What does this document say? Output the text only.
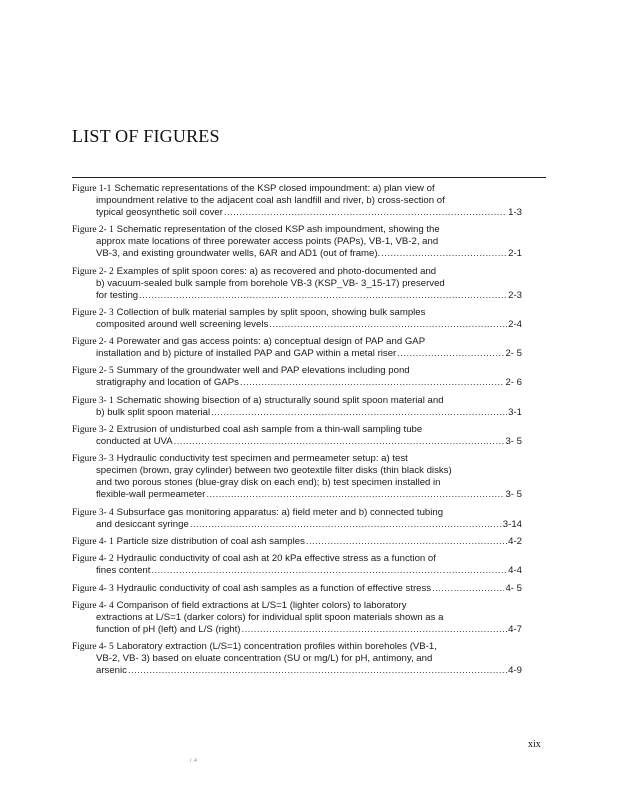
LIST OF FIGURES
Figure 1-1 Schematic representations of the KSP closed impoundment: a) plan view of
impoundment relative to the adjacent coal ash landfill and river, b) cross-section of
typical geosynthetic soil cover .....	1-3
Figure 2- 1 Schematic representation of the closed KSP ash impoundment, showing the
approx mate locations of three porewater access points (PAPs), VB-1, VB-2, and
VB-3, and existing groundwater wells, 6AR and AD1 (out of frame). .....	2-1
Figure 2- 2 Examples of split spoon cores: a) as recovered and photo-documented and
b) vacuum-sealed bulk sample from borehole VB-3 (KSP_VB- 3_15-17) preserved
for testing .....	2-3
Figure 2- 3 Collection of bulk material samples by split spoon, showing bulk samples
composited around well screening levels .....	2-4
Figure 2- 4 Porewater and gas access points: a) conceptual design of PAP and GAP
installation and b) picture of installed PAP and GAP within a metal riser .....	2- 5
Figure 2- 5 Summary of the groundwater well and PAP elevations including pond
stratigraphy and location of GAPs .....	2- 6
Figure 3- 1 Schematic showing bisection of a) structurally sound split spoon material and
b) bulk split spoon material .....	3-1
Figure 3- 2 Extrusion of undisturbed coal ash sample from a thin-wall sampling tube
conducted at UVA .....	3- 5
Figure 3- 3 Hydraulic conductivity test specimen and permeameter setup: a) test
specimen (brown, gray cylinder) between two geotextile filter disks (thin black disks)
and two porous stones (blue-gray disk on each end); b) test specimen installed in
flexible-wall permeameter .....	3- 5
Figure 3- 4 Subsurface gas monitoring apparatus: a) field meter and b) connected tubing
and desiccant syringe .....	3-14
Figure 4- 1 Particle size distribution of coal ash samples .....	4-2
Figure 4- 2 Hydraulic conductivity of coal ash at 20 kPa effective stress as a function of
fines content .....	4-4
Figure 4- 3 Hydraulic conductivity of coal ash samples as a function of effective stress .....	4- 5
Figure 4- 4 Comparison of field extractions at L/S=1 (lighter colors) to laboratory
extractions at L/S=1 (darker colors) for individual split spoon materials shown as a
function of pH (left) and L/S (right) .....	4-7
Figure 4- 5 Laboratory extraction (L/S=1) concentration profiles within boreholes (VB-1,
VB-2, VB- 3) based on eluate concentration (SU or mg/L) for pH, antimony, and
arsenic .....	4-9
xix
/ .4
